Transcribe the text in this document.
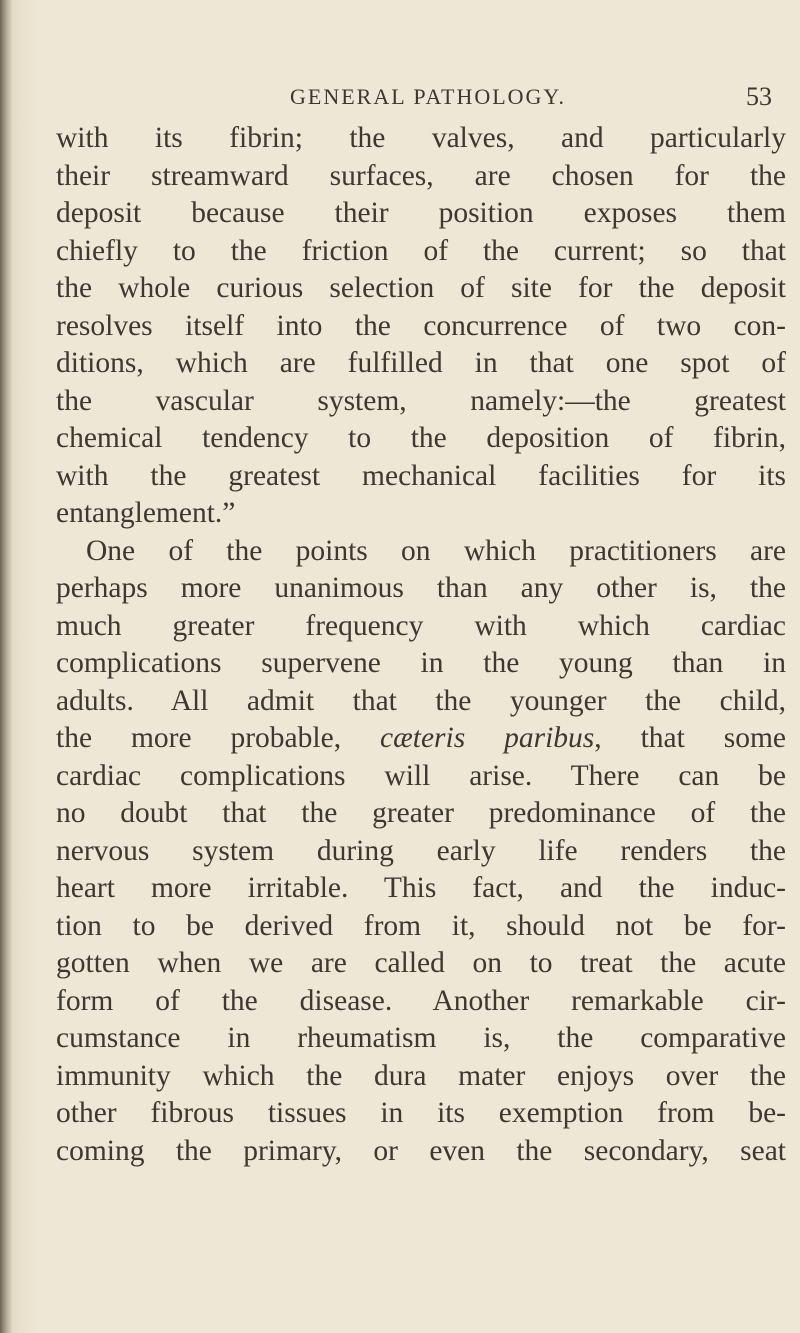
GENERAL PATHOLOGY.	53
with its fibrin; the valves, and particularly
their streamward surfaces, are chosen for the
deposit because their position exposes them
chiefly to the friction of the current; so that
the whole curious selection of site for the deposit
resolves itself into the concurrence of two con-
ditions, which are fulfilled in that one spot of
the vascular system, namely:—the greatest
chemical tendency to the deposition of fibrin,
with the greatest mechanical facilities for its
entanglement.”
One of the points on which practitioners are
perhaps more unanimous than any other is, the
much greater frequency with which cardiac
complications supervene in the young than in
adults. All admit that the younger the child,
the more probable, cæteris paribus, that some
cardiac complications will arise. There can be
no doubt that the greater predominance of the
nervous system during early life renders the
heart more irritable. This fact, and the induc-
tion to be derived from it, should not be for-
gotten when we are called on to treat the acute
form of the disease. Another remarkable cir-
cumstance in rheumatism is, the comparative
immunity which the dura mater enjoys over the
other fibrous tissues in its exemption from be-
coming the primary, or even the secondary, seat
